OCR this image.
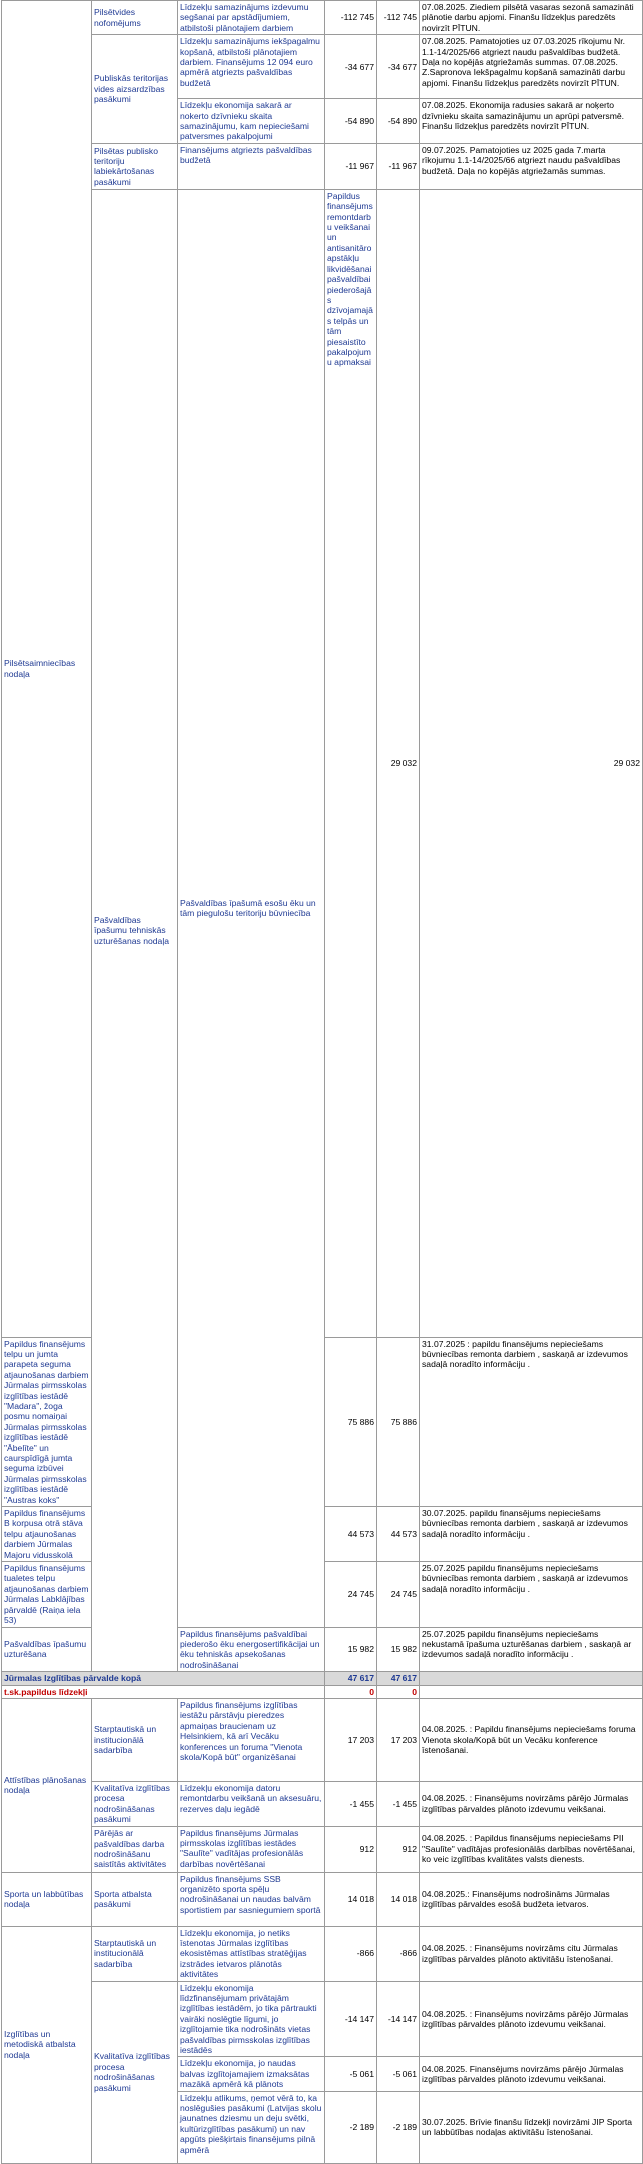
Pilsētsaimniecības nodaļa	Pilsētvides nofomējums	Līdzekļu samazinājums izdevumu segšanai par apstādījumiem, atbilstoši plānotajiem darbiem	-112 745	-112 745	07.08.2025. Ziediem pilsētā vasaras sezonā samazināti plānotie darbu apjomi. Finanšu līdzekļus paredzēts novirzīt PĪTUN.	
	Publiskās teritorijas vides aizsardzības pasākumi	Līdzekļu samazinājums iekšpagalmu kopšanā, atbilstoši plānotajiem darbiem. Finansējums 12 094 euro apmērā atgriezts pašvaldības budžetā	-34 677	-34 677	07.08.2025. Pamatojoties uz 07.03.2025 rīkojumu Nr. 1.1-14/2025/66 atgriezt naudu pašvaldības budžetā. Daļa no kopējās atgriežamās summas. 07.08.2025. Z.Sapronova Iekšpagalmu kopšanā samazināti darbu apjomi. Finanšu līdzekļus paredzēts novirzīt PĪTUN.	
		Līdzekļu ekonomija sakarā ar nokerto dzīvnieku skaita samazinājumu, kam nepieciešami patversmes pakalpojumi	-54 890	-54 890	07.08.2025. Ekonomija radusies sakarā ar noķerto dzīvnieku skaita samazinājumu un aprūpi patversmē. Finanšu līdzekļus paredzēts novirzīt PĪTUN.	
	Pilsētas publisko teritoriju labiekārtošanas pasākumi	Finansējums atgriezts pašvaldības budžetā	-11 967	-11 967	09.07.2025. Pamatojoties uz 2025 gada 7.marta rīkojumu 1.1-14/2025/66 atgriezt naudu pašvaldības budžetā. Daļa no kopējās atgriežamās summas.	
	Pašvaldības īpašumu tehniskās uzturēšanas nodaļa	Pašvaldības īpašumā esošu ēku un tām piegulošu teritoriju būvniecība	Papildus finansējums remontdarbu veikšanai un antisanitāro apstākļu likvidēšanai pašvaldībai piederošajās dzīvojamajās telpās un tām piesaistīto pakalpojumu apmaksai	29 032	29 032	
Papildus finansējums telpu un jumta parapeta seguma atjaunošanas darbiem Jūrmalas pirmsskolas izglītības iestādē "Madara", žoga posmu nomaiņai Jūrmalas pirmsskolas izglītības iestādē "Ābelīte" un caurspīdīgā jumta seguma izbūvei Jūrmalas pirmsskolas izglītības iestādē "Austras koks"			75 886	75 886	31.07.2025 : papildu finansējums nepieciešams būvniecības remonta darbiem , saskaņā ar izdevumos sadaļā noradīto informāciju .	
Papildus finansējums B korpusa otrā stāva telpu atjaunošanas darbiem Jūrmalas Majoru vidusskolā			44 573	44 573	30.07.2025. papildu finansējums nepieciešams būvniecības remonta darbiem , saskaņā ar izdevumos sadaļā noradīto informāciju .	
Papildus finansējums tualetes telpu atjaunošanas darbiem Jūrmalas Labklājības pārvaldē (Raiņa iela 53)			24 745	24 745	25.07.2025 papildu finansējums nepieciešams būvniecības remonta darbiem , saskaņā ar izdevumos sadaļā noradīto informāciju .	
Pašvaldības īpašumu uzturēšana		Papildus finansējums pašvaldībai piederošo ēku energosertifikācijai un ēku tehniskās apsekošanas nodrošināšanai	15 982	15 982	25.07.2025 papildu finansējums nepieciešams nekustamā īpašuma uzturēšanas darbiem , saskaņā ar izdevumos sadaļā noradīto informāciju .	
Jūrmalas Izglītības pārvalde kopā			47 617	47 617		
t.sk.papildus līdzekļi			0	0		
Attīstības plānošanas nodaļa	Starptautiskā un institucionālā sadarbība	Papildus finansējums izglītības iestāžu pārstāvju pieredzes apmaiņas braucienam uz Helsinkiem, kā arī Vecāku konferences un foruma "Vienota skola/Kopā būt" organizēšanai	17 203	17 203	04.08.2025. : Papildu finansējums nepieciešams foruma Vienota skola/Kopā būt un Vecāku konference īstenošanai.	
	Kvalitatīva izglītības procesa nodrošināšanas pasākumi	Līdzekļu ekonomija datoru remontdarbu veikšanā un aksesuāru, rezerves daļu iegādē	-1 455	-1 455	04.08.2025. : Finansējums novirzāms pārējo Jūrmalas izglītības pārvaldes plānoto izdevumu veikšanai.	
	Pārējās ar pašvaldības darba nodrošināšanu saistītās aktivitātes	Papildus finansējums Jūrmalas pirmsskolas izglītības iestādes "Saulīte" vadītājas profesionālās darbības novērtēšanai	912	912	04.08.2025. : Papildus finansējums nepieciešams PII "Saulīte" vadītājas profesionālās darbības novērtēšanai, ko veic izglītības kvalitātes valsts dienests.	
Sporta un labbūtības nodaļa	Sporta atbalsta pasākumi	Papildus finansējums SSB organizēto sporta spēļu nodrošināšanai un naudas balvām sportistiem par sasniegumiem sportā	14 018	14 018	04.08.2025.: Finansējums nodrošināms Jūrmalas izglītības pārvaldes esošā budžeta ietvaros.	
Izglītības un metodiskā atbalsta nodaļa	Starptautiskā un institucionālā sadarbība	Līdzekļu ekonomija, jo netiks īstenotas Jūrmalas izglītības ekosistēmas attīstības stratēģijas izstrādes ietvaros plānotās aktivitātes	-866	-866	04.08.2025. : Finansējums novirzāms citu Jūrmalas izglītības pārvaldes plānoto aktivitāšu īstenošanai.	
	Kvalitatīva izglītības procesa nodrošināšanas pasākumi	Līdzekļu ekonomija līdzfinansējumam privātajām izglītības iestādēm, jo tika pārtraukti vairāki noslēgtie līgumi, jo izglītojamie tika nodrošināts vietas pašvaldības pirmsskolas izglītības iestādēs	-14 147	-14 147	04.08.2025. : Finansējums novirzāms pārējo Jūrmalas izglītības pārvaldes plānoto izdevumu veikšanai.	
		Līdzekļu ekonomija, jo naudas balvas izglītojamajiem izmaksātas mazākā apmērā kā plānots	-5 061	-5 061	04.08.2025. Finansējums novirzāms pārējo Jūrmalas izglītības pārvaldes plānoto izdevumu veikšanai.	
		Līdzekļu atlikums, ņemot vērā to, ka noslēgušies pasākumi (Latvijas skolu jaunatnes dziesmu un deju svētki, kultūrizglītības pasākumi) un nav apgūts piešķirtais finansējums pilnā apmērā	-2 189	-2 189	30.07.2025. Brīvie finanšu līdzekļi novirzāmi JIP Sporta un labbūtības nodaļas aktivitāšu īstenošanai.	
